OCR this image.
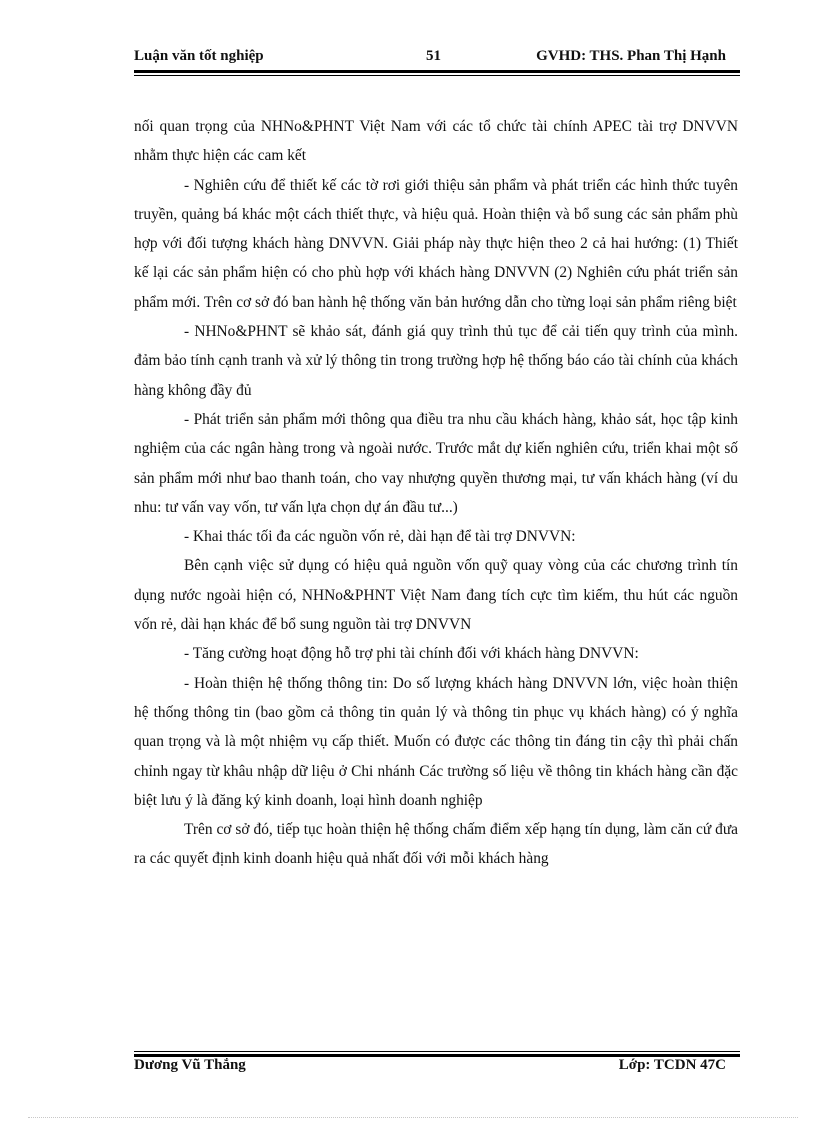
Luận văn tốt nghiệp	51	GVHD: THS. Phan Thị Hạnh

nối quan trọng của NHNo&PHNT Việt Nam với các tổ chức tài chính APEC tài trợ DNVVN nhằm thực hiện các cam kết

- Nghiên cứu để thiết kế các tờ rơi giới thiệu sản phẩm và phát triển các hình thức tuyên truyền, quảng bá khác một cách thiết thực, và hiệu quả. Hoàn thiện và bổ sung các sản phẩm phù hợp với đối tượng khách hàng DNVVN. Giải pháp này thực hiện theo 2 cả hai hướng: (1) Thiết kế lại các sản phẩm hiện có cho phù hợp với khách hàng DNVVN (2) Nghiên cứu phát triển sản phẩm mới. Trên cơ sở đó ban hành hệ thống văn bản hướng dẫn cho từng loại sản phẩm riêng biệt

- NHNo&PHNT sẽ khảo sát, đánh giá quy trình thủ tục để cải tiến quy trình của mình. đảm bảo tính cạnh tranh và xử lý thông tin trong trường hợp hệ thống báo cáo tài chính của khách hàng không đầy đủ

- Phát triển sản phẩm mới thông qua điều tra nhu cầu khách hàng, khảo sát, học tập kinh nghiệm của các ngân hàng trong và ngoài nước. Trước mắt dự kiến nghiên cứu, triển khai một số sản phẩm mới như bao thanh toán, cho vay nhượng quyền thương mại, tư vấn khách hàng (ví du nhu: tư vấn vay vốn, tư vấn lựa chọn dự án đầu tư...)

- Khai thác tối đa các nguồn vốn rẻ, dài hạn để tài trợ DNVVN:

Bên cạnh việc sử dụng có hiệu quả nguồn vốn quỹ quay vòng của các chương trình tín dụng nước ngoài hiện có, NHNo&PHNT Việt Nam đang tích cực tìm kiếm, thu hút các nguồn vốn rẻ, dài hạn khác để bổ sung nguồn tài trợ DNVVN

- Tăng cường hoạt động hỗ trợ phi tài chính đối với khách hàng DNVVN:

- Hoàn thiện hệ thống thông tin: Do số lượng khách hàng DNVVN lớn, việc hoàn thiện hệ thống thông tin (bao gồm cả thông tin quản lý và thông tin phục vụ khách hàng) có ý nghĩa quan trọng và là một nhiệm vụ cấp thiết. Muốn có được các thông tin đáng tin cậy thì phải chấn chỉnh ngay từ khâu nhập dữ liệu ở Chi nhánh Các trường số liệu về thông tin khách hàng cần đặc biệt lưu ý là đăng ký kinh doanh, loại hình doanh nghiệp

Trên cơ sở đó, tiếp tục hoàn thiện hệ thống chấm điểm xếp hạng tín dụng, làm căn cứ đưa ra các quyết định kinh doanh hiệu quả nhất đối với mỗi khách hàng

Dương Vũ Thắng	Lớp: TCDN 47C
